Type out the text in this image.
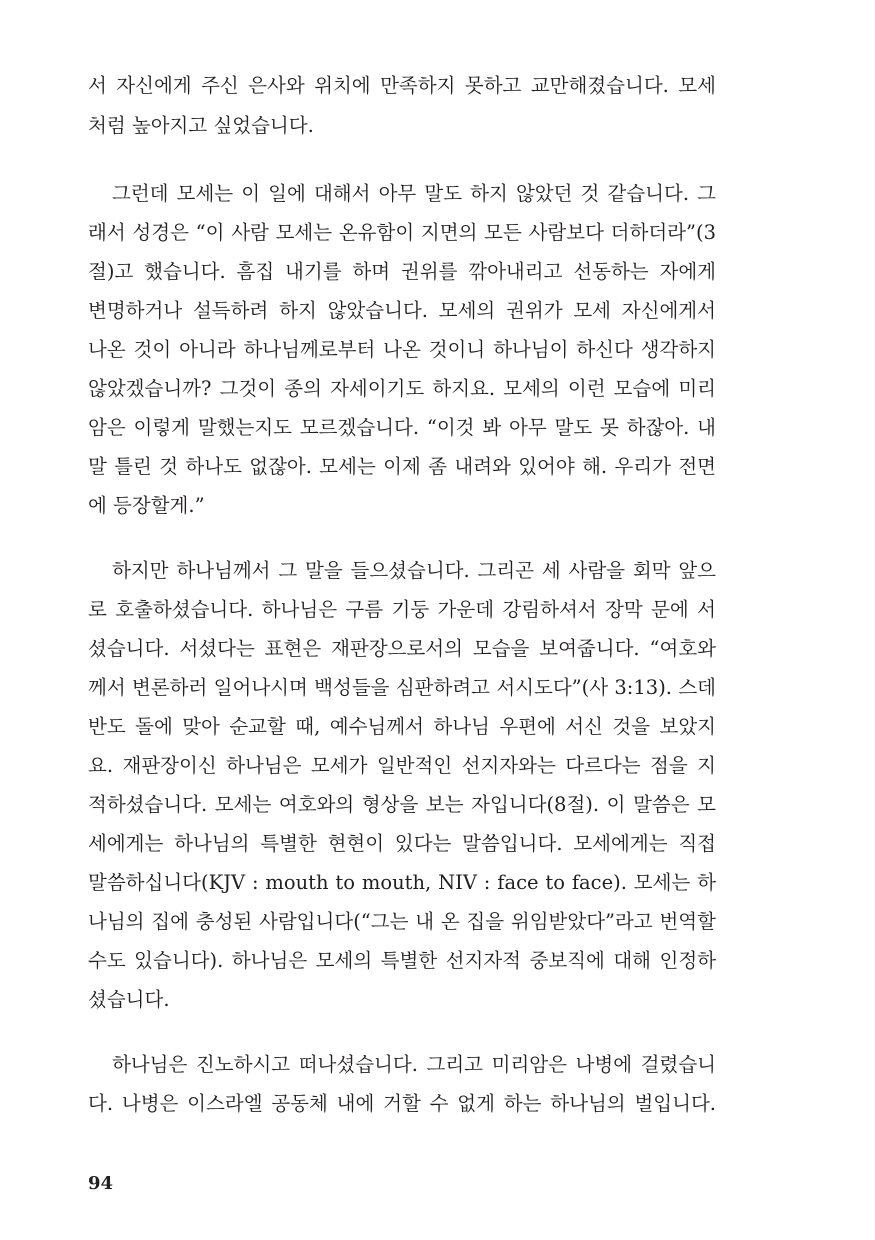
서 자신에게 주신 은사와 위치에 만족하지 못하고 교만해졌습니다. 모세
처럼 높아지고 싶었습니다.
그런데 모세는 이 일에 대해서 아무 말도 하지 않았던 것 같습니다. 그
래서 성경은 “이 사람 모세는 온유함이 지면의 모든 사람보다 더하더라”(3
절)고 했습니다. 흠집 내기를 하며 권위를 깎아내리고 선동하는 자에게
변명하거나 설득하려 하지 않았습니다. 모세의 권위가 모세 자신에게서
나온 것이 아니라 하나님께로부터 나온 것이니 하나님이 하신다 생각하지
않았겠습니까? 그것이 종의 자세이기도 하지요. 모세의 이런 모습에 미리
암은 이렇게 말했는지도 모르겠습니다. “이것 봐 아무 말도 못 하잖아. 내
말 틀린 것 하나도 없잖아. 모세는 이제 좀 내려와 있어야 해. 우리가 전면
에 등장할게.”
하지만 하나님께서 그 말을 들으셨습니다. 그리곤 세 사람을 회막 앞으
로 호출하셨습니다. 하나님은 구름 기둥 가운데 강림하셔서 장막 문에 서
셨습니다. 서셨다는 표현은 재판장으로서의 모습을 보여줍니다. “여호와
께서 변론하러 일어나시며 백성들을 심판하려고 서시도다”(사 3:13). 스데
반도 돌에 맞아 순교할 때, 예수님께서 하나님 우편에 서신 것을 보았지
요. 재판장이신 하나님은 모세가 일반적인 선지자와는 다르다는 점을 지
적하셨습니다. 모세는 여호와의 형상을 보는 자입니다(8절). 이 말씀은 모
세에게는 하나님의 특별한 현현이 있다는 말씀입니다. 모세에게는 직접
말씀하십니다(KJV : mouth to mouth, NIV : face to face). 모세는 하
나님의 집에 충성된 사람입니다(“그는 내 온 집을 위임받았다”라고 번역할
수도 있습니다). 하나님은 모세의 특별한 선지자적 중보직에 대해 인정하
셨습니다.
하나님은 진노하시고 떠나셨습니다. 그리고 미리암은 나병에 걸렸습니
다. 나병은 이스라엘 공동체 내에 거할 수 없게 하는 하나님의 벌입니다.
94
